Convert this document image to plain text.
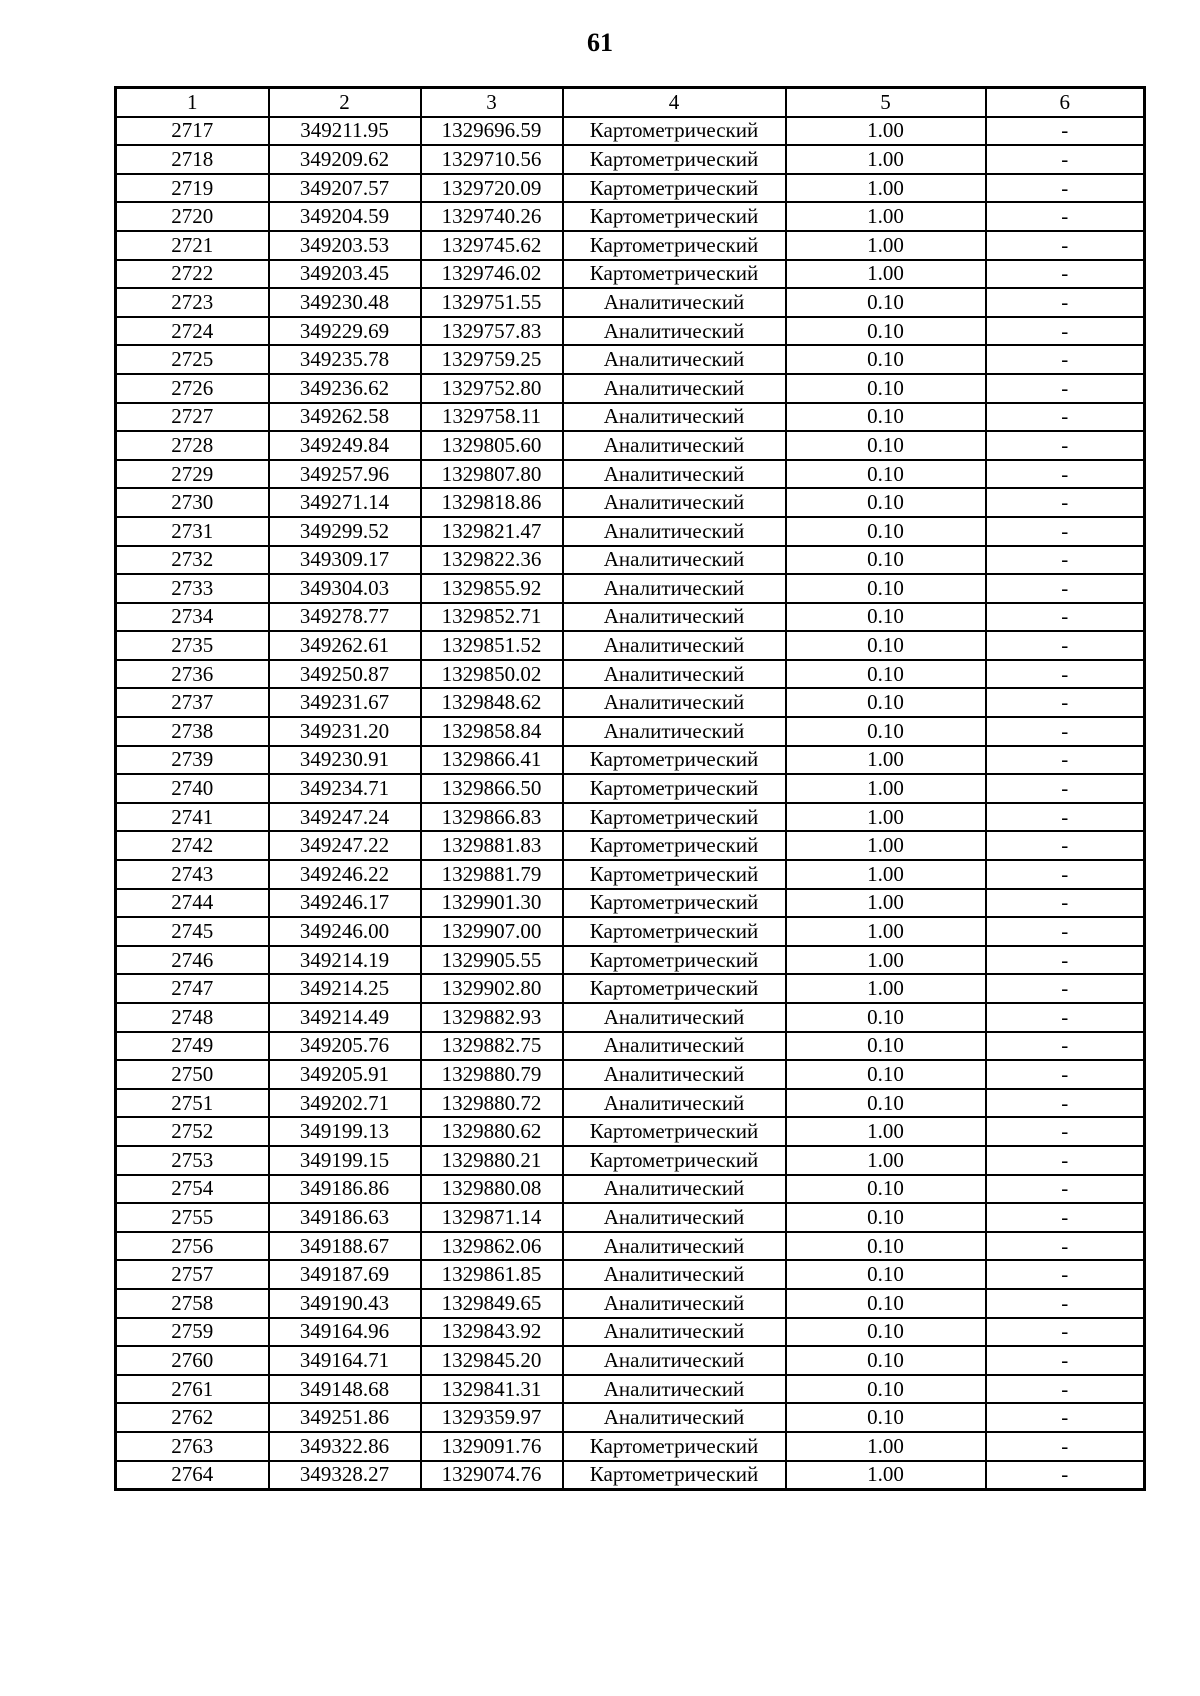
61
1	2	3	4	5	6
2717	349211.95	1329696.59	Картометрический	1.00	-
2718	349209.62	1329710.56	Картометрический	1.00	-
2719	349207.57	1329720.09	Картометрический	1.00	-
2720	349204.59	1329740.26	Картометрический	1.00	-
2721	349203.53	1329745.62	Картометрический	1.00	-
2722	349203.45	1329746.02	Картометрический	1.00	-
2723	349230.48	1329751.55	Аналитический	0.10	-
2724	349229.69	1329757.83	Аналитический	0.10	-
2725	349235.78	1329759.25	Аналитический	0.10	-
2726	349236.62	1329752.80	Аналитический	0.10	-
2727	349262.58	1329758.11	Аналитический	0.10	-
2728	349249.84	1329805.60	Аналитический	0.10	-
2729	349257.96	1329807.80	Аналитический	0.10	-
2730	349271.14	1329818.86	Аналитический	0.10	-
2731	349299.52	1329821.47	Аналитический	0.10	-
2732	349309.17	1329822.36	Аналитический	0.10	-
2733	349304.03	1329855.92	Аналитический	0.10	-
2734	349278.77	1329852.71	Аналитический	0.10	-
2735	349262.61	1329851.52	Аналитический	0.10	-
2736	349250.87	1329850.02	Аналитический	0.10	-
2737	349231.67	1329848.62	Аналитический	0.10	-
2738	349231.20	1329858.84	Аналитический	0.10	-
2739	349230.91	1329866.41	Картометрический	1.00	-
2740	349234.71	1329866.50	Картометрический	1.00	-
2741	349247.24	1329866.83	Картометрический	1.00	-
2742	349247.22	1329881.83	Картометрический	1.00	-
2743	349246.22	1329881.79	Картометрический	1.00	-
2744	349246.17	1329901.30	Картометрический	1.00	-
2745	349246.00	1329907.00	Картометрический	1.00	-
2746	349214.19	1329905.55	Картометрический	1.00	-
2747	349214.25	1329902.80	Картометрический	1.00	-
2748	349214.49	1329882.93	Аналитический	0.10	-
2749	349205.76	1329882.75	Аналитический	0.10	-
2750	349205.91	1329880.79	Аналитический	0.10	-
2751	349202.71	1329880.72	Аналитический	0.10	-
2752	349199.13	1329880.62	Картометрический	1.00	-
2753	349199.15	1329880.21	Картометрический	1.00	-
2754	349186.86	1329880.08	Аналитический	0.10	-
2755	349186.63	1329871.14	Аналитический	0.10	-
2756	349188.67	1329862.06	Аналитический	0.10	-
2757	349187.69	1329861.85	Аналитический	0.10	-
2758	349190.43	1329849.65	Аналитический	0.10	-
2759	349164.96	1329843.92	Аналитический	0.10	-
2760	349164.71	1329845.20	Аналитический	0.10	-
2761	349148.68	1329841.31	Аналитический	0.10	-
2762	349251.86	1329359.97	Аналитический	0.10	-
2763	349322.86	1329091.76	Картометрический	1.00	-
2764	349328.27	1329074.76	Картометрический	1.00	-
